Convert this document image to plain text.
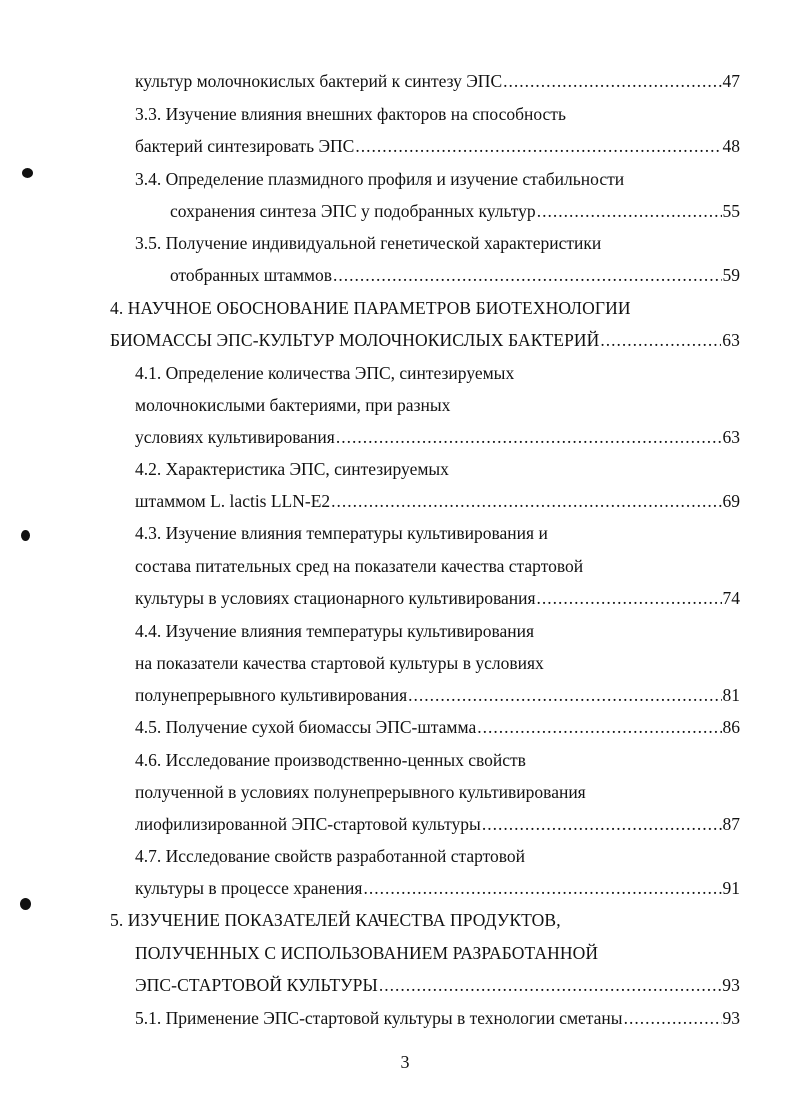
культур молочнокислых бактерий к синтезу ЭПС .....	47
3.3. Изучение влияния внешних факторов на способность
бактерий синтезировать ЭПС .....	48
3.4. Определение плазмидного профиля и изучение стабильности
сохранения синтеза ЭПС у подобранных культур .....	55
3.5. Получение индивидуальной генетической характеристики
отобранных штаммов .....	59
4. НАУЧНОЕ ОБОСНОВАНИЕ ПАРАМЕТРОВ БИОТЕХНОЛОГИИ
БИОМАССЫ ЭПС-КУЛЬТУР МОЛОЧНОКИСЛЫХ БАКТЕРИЙ .....	63
4.1. Определение количества ЭПС, синтезируемых
молочнокислыми бактериями, при разных
условиях культивирования .....	63
4.2. Характеристика ЭПС, синтезируемых
штаммом L. lactis LLN-E2 .....	69
4.3. Изучение влияния температуры культивирования и
состава питательных сред на показатели качества стартовой
культуры в условиях стационарного культивирования .....	74
4.4. Изучение влияния температуры культивирования
на показатели качества стартовой культуры в условиях
полунепрерывного культивирования .....	81
4.5. Получение сухой биомассы ЭПС-штамма .....	86
4.6. Исследование производственно-ценных свойств
полученной в условиях полунепрерывного культивирования
лиофилизированной ЭПС-стартовой культуры .....	87
4.7. Исследование свойств разработанной стартовой
культуры в процессе хранения .....	91
5. ИЗУЧЕНИЕ ПОКАЗАТЕЛЕЙ КАЧЕСТВА ПРОДУКТОВ,
ПОЛУЧЕННЫХ С ИСПОЛЬЗОВАНИЕМ РАЗРАБОТАННОЙ
ЭПС-СТАРТОВОЙ КУЛЬТУРЫ .....	93
5.1. Применение ЭПС-стартовой культуры в технологии сметаны .....	93
3
